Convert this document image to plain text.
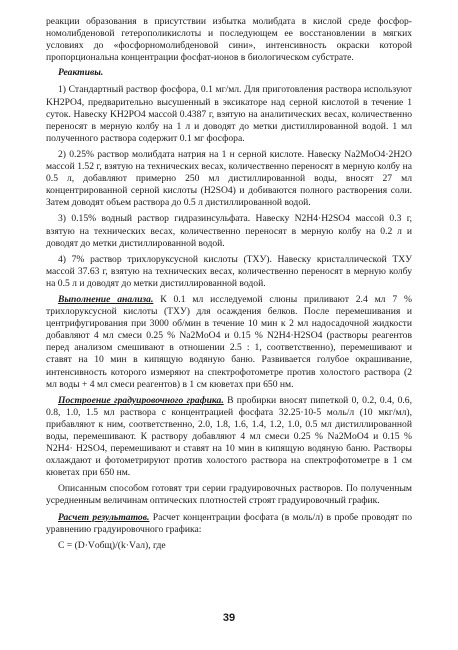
реакции образования в присутствии избытка молибдата в кислой среде фосфорномолибденовой гетерополикислоты и последующем ее восстановлении в мягких условиях до «фосфорномолибденовой сини», интенсивность окраски которой пропорциональна концентрации фосфат-ионов в биологическом субстрате.

Реактивы.

1) Стандартный раствор фосфора, 0.1 мг/мл. Для приготовления раствора используют KH2PO4, предварительно высушенный в эксикаторе над серной кислотой в течение 1 суток. Навеску KH2PO4 массой 0.4387 г, взятую на аналитических весах, количественно переносят в мерную колбу на 1 л и доводят до метки дистиллированной водой. 1 мл полученного раствора содержит 0.1 мг фосфора.

2) 0.25% раствор молибдата натрия на 1 н серной кислоте. Навеску Na2MoO4·2H2O массой 1.52 г, взятую на технических весах, количественно переносят в мерную колбу на 0.5 л, добавляют примерно 250 мл дистиллированной воды, вносят 27 мл концентрированной серной кислоты (H2SO4) и добиваются полного растворения соли. Затем доводят объем раствора до 0.5 л дистиллированной водой.

3) 0.15% водный раствор гидразинсульфата. Навеску N2H4·H2SO4 массой 0.3 г, взятую на технических весах, количественно переносят в мерную колбу на 0.2 л и доводят до метки дистиллированной водой.

4) 7% раствор трихлоруксусной кислоты (ТХУ). Навеску кристаллической ТХУ массой 37.63 г, взятую на технических весах, количественно переносят в мерную колбу на 0.5 л и доводят до метки дистиллированной водой.

Выполнение анализа. К 0.1 мл исследуемой слюны приливают 2.4 мл 7 % трихлоруксусной кислоты (ТХУ) для осаждения белков. После перемешивания и центрифугирования при 3000 об/мин в течение 10 мин к 2 мл надосадочной жидкости добавляют 4 мл смеси 0.25 % Na2MoO4 и 0.15 % N2H4·H2SO4 (растворы реагентов перед анализом смешивают в отношении 2.5 : 1, соответственно), перемешивают и ставят на 10 мин в кипящую водяную баню. Развивается голубое окрашивание, интенсивность которого измеряют на спектрофотометре против холостого раствора (2 мл воды + 4 мл смеси реагентов) в 1 см кюветах при 650 нм.

Построение градуировочного графика. В пробирки вносят пипеткой 0, 0.2, 0.4, 0.6, 0.8, 1.0, 1.5 мл раствора с концентрацией фосфата 32.25·10-5 моль/л (10 мкг/мл), прибавляют к ним, соответственно, 2.0, 1.8, 1.6, 1.4, 1.2, 1.0, 0.5 мл дистиллированной воды, перемешивают. К раствору добавляют 4 мл смеси 0.25 % Na2MoO4 и 0.15 % N2H4· H2SO4, перемешивают и ставят на 10 мин в кипящую водяную баню. Растворы охлаждают и фотометрируют против холостого раствора на спектрофотометре в 1 см кюветах при 650 нм.

Описанным способом готовят три серии градуировочных растворов. По полученным усредненным величинам оптических плотностей строят градуировочный график.

Расчет результатов. Расчет концентрации фосфата (в моль/л) в пробе проводят по уравнению градуировочного графика:

C = (D·Vобщ)/(k·Vал), где
39
